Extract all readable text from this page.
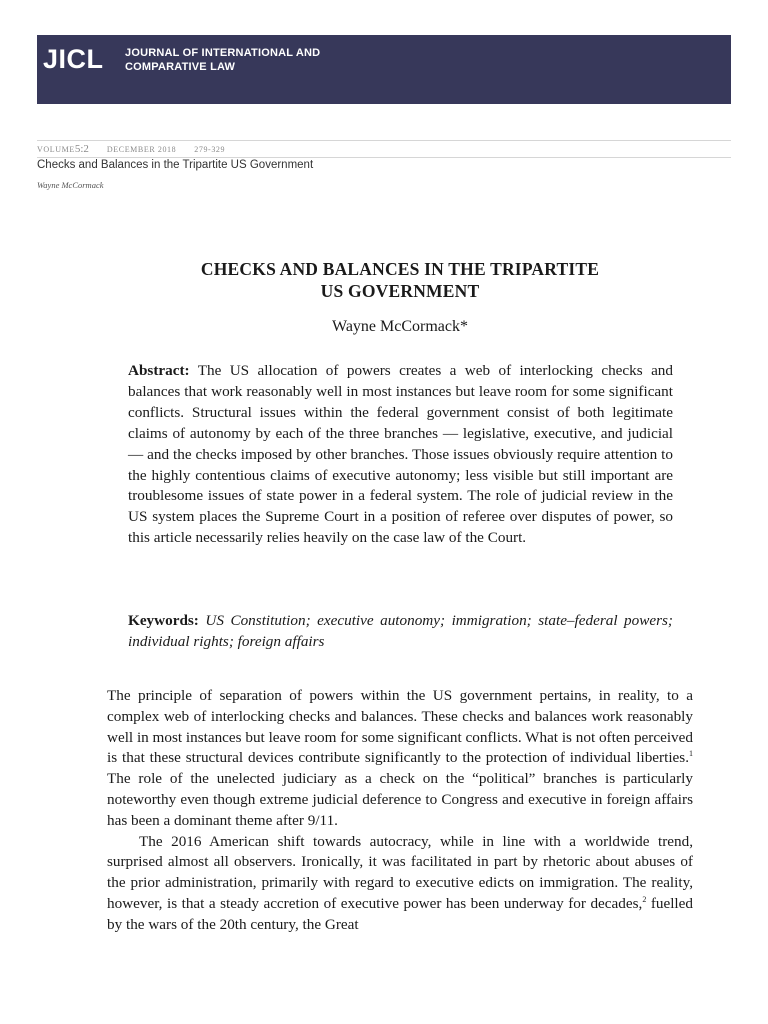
JICL JOURNAL OF INTERNATIONAL AND
COMPARATIVE LAW
VOLUME5:2 DECEMBER 2018 279-329
Checks and Balances in the Tripartite US Government
Wayne McCormack
CHECKS AND BALANCES IN THE TRIPARTITE
US GOVERNMENT
Wayne McCormack*
Abstract: The US allocation of powers creates a web of interlocking checks and balances that work reasonably well in most instances but leave room for some significant conflicts. Structural issues within the federal government consist of both legitimate claims of autonomy by each of the three branches — legislative, executive, and judicial — and the checks imposed by other branches. Those issues obviously require attention to the highly contentious claims of executive autonomy; less visible but still important are troublesome issues of state power in a federal system. The role of judicial review in the US system places the Supreme Court in a position of referee over disputes of power, so this article necessarily relies heavily on the case law of the Court.
Keywords: US Constitution; executive autonomy; immigration; state–federal powers; individual rights; foreign affairs

The principle of separation of powers within the US government pertains, in reality, to a complex web of interlocking checks and balances. These checks and balances work reasonably well in most instances but leave room for some significant conflicts. What is not often perceived is that these structural devices contribute significantly to the protection of individual liberties.$^1$ The role of the unelected judiciary as a check on the “political” branches is particularly noteworthy even though extreme judicial deference to Congress and executive in foreign affairs has been a dominant theme after 9/11.

The 2016 American shift towards autocracy, while in line with a worldwide trend, surprised almost all observers. Ironically, it was facilitated in part by rhetoric about abuses of the prior administration, primarily with regard to executive edicts on immigration. The reality, however, is that a steady accretion of executive power has been underway for decades,$^2$ fuelled by the wars of the 20th century, the Great
